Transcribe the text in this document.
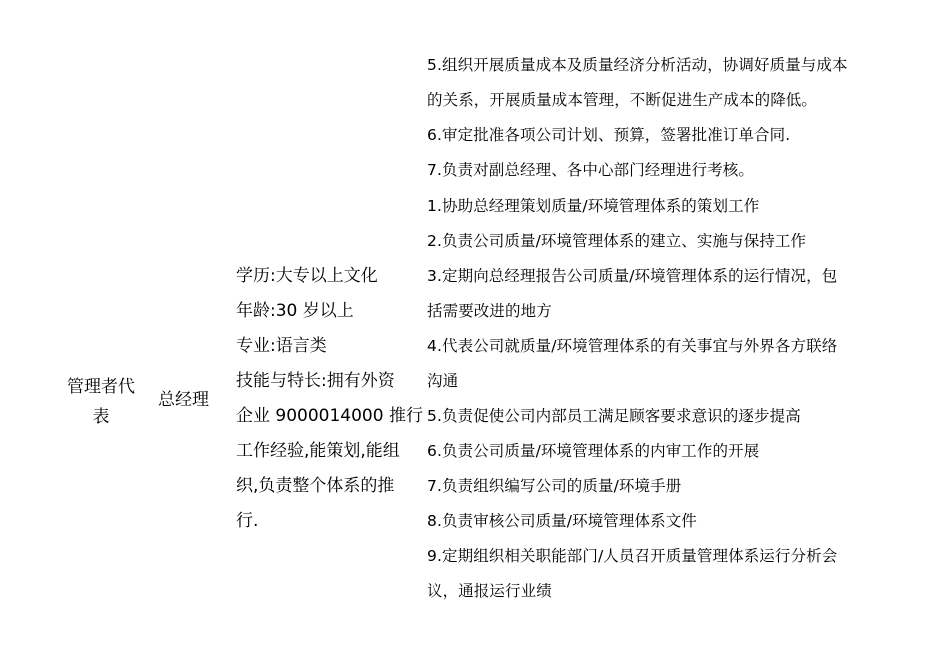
管理者代表
总经理
学历:大专以上文化
年龄:30 岁以上
专业:语言类
技能与特长:拥有外资
企业 9000014000 推行
工作经验,能策划,能组
织,负责整个体系的推
行.
5.组织开展质量成本及质量经济分析活动，协调好质量与成本
的关系，开展质量成本管理，不断促进生产成本的降低。
6.审定批准各项公司计划、预算，签署批准订单合同.
7.负责对副总经理、各中心部门经理进行考核。
1.协助总经理策划质量/环境管理体系的策划工作
2.负责公司质量/环境管理体系的建立、实施与保持工作
3.定期向总经理报告公司质量/环境管理体系的运行情况，包
括需要改进的地方
4.代表公司就质量/环境管理体系的有关事宜与外界各方联络
沟通
5.负责促使公司内部员工满足顾客要求意识的逐步提高
6.负责公司质量/环境管理体系的内审工作的开展
7.负责组织编写公司的质量/环境手册
8.负责审核公司质量/环境管理体系文件
9.定期组织相关职能部门/人员召开质量管理体系运行分析会
议，通报运行业绩
